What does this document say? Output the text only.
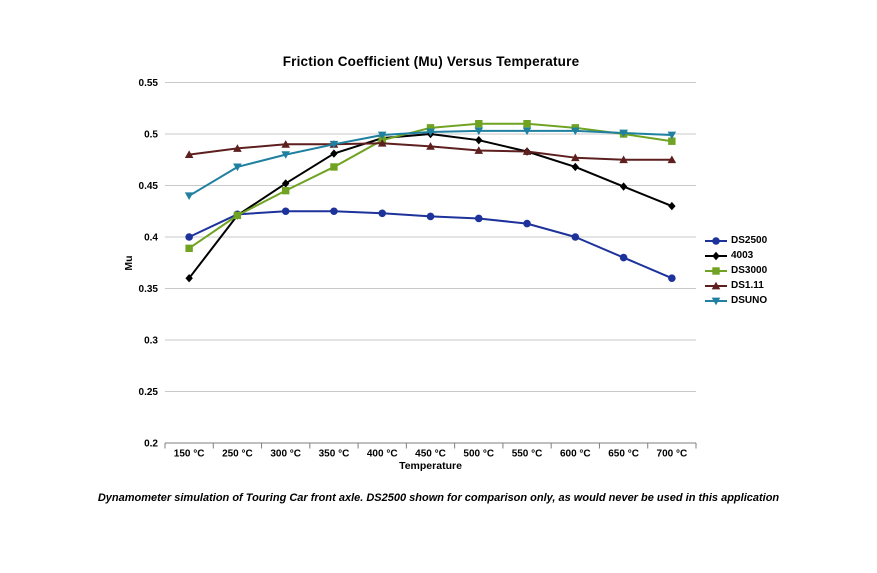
Friction Coefficient (Mu) Versus Temperature
0.55
0.5
0.45
0.4
0.35
0.3
0.25
0.2
150 °C 250 °C 300 °C 350 °C 400 °C 450 °C 500 °C 550 °C 600 °C 650 °C 700 °C
Temperature
Mu
DS2500
4003
DS3000
DS1.11
DSUNO
Dynamometer simulation of Touring Car front axle. DS2500 shown for comparison only, as would never be used in this application
